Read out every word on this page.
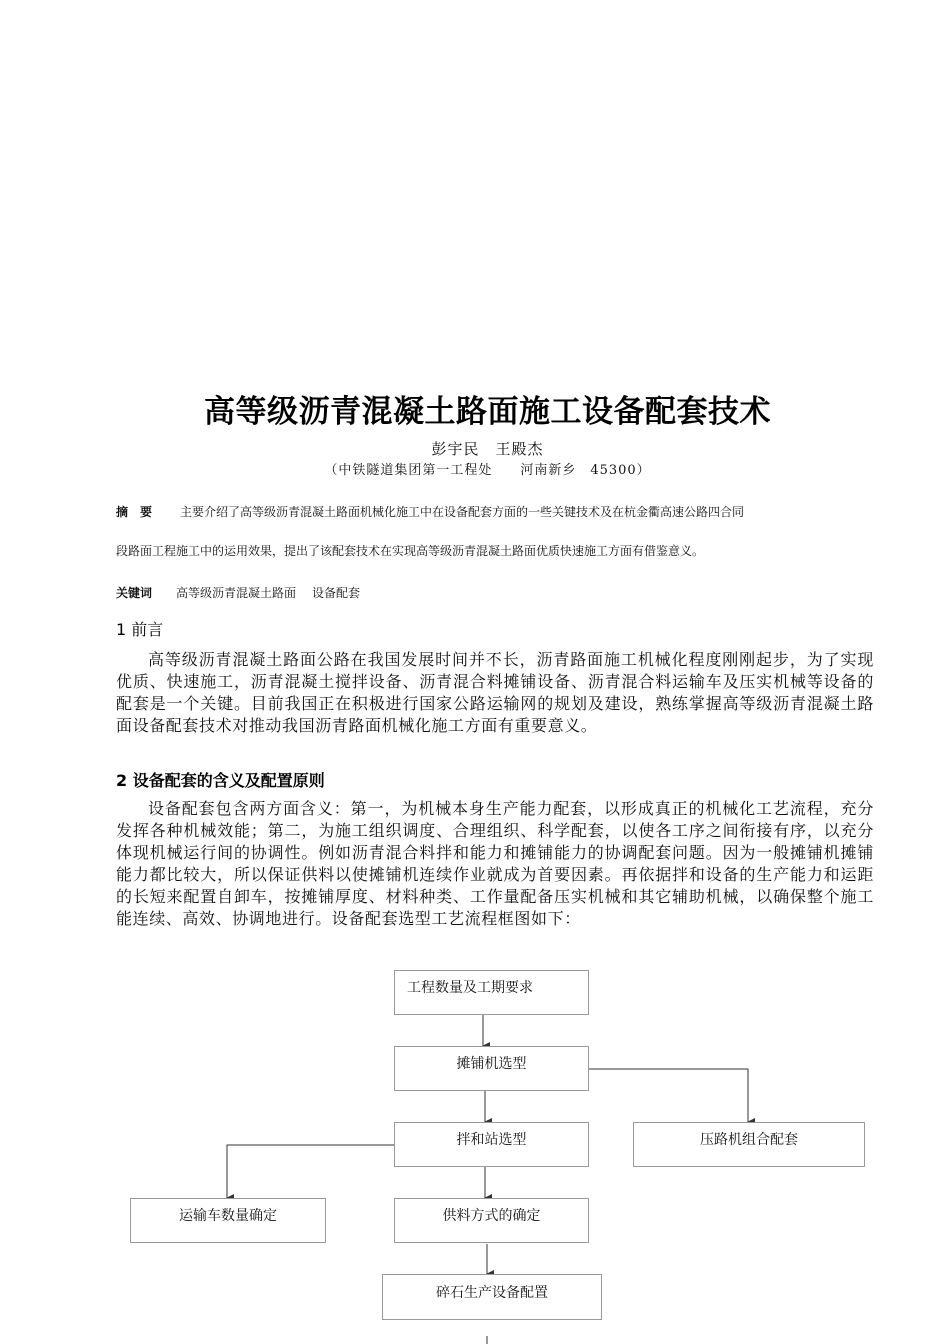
高等级沥青混凝土路面施工设备配套技术
彭宇民　王殿杰
（中铁隧道集团第一工程处　　河南新乡　45300）
摘要 主要介绍了高等级沥青混凝土路面机械化施工中在设备配套方面的一些关键技术及在杭金衢高速公路四合同
段路面工程施工中的运用效果，提出了该配套技术在实现高等级沥青混凝土路面优质快速施工方面有借鉴意义。
关键词 高等级沥青混凝土路面 设备配套
1 前言
高等级沥青混凝土路面公路在我国发展时间并不长，沥青路面施工机械化程度刚刚起步，为了实现优质、快速施工，沥青混凝土搅拌设备、沥青混合料摊铺设备、沥青混合料运输车及压实机械等设备的配套是一个关键。目前我国正在积极进行国家公路运输网的规划及建设，熟练掌握高等级沥青混凝土路面设备配套技术对推动我国沥青路面机械化施工方面有重要意义。
2 设备配套的含义及配置原则
设备配套包含两方面含义：第一，为机械本身生产能力配套，以形成真正的机械化工艺流程，充分发挥各种机械效能；第二，为施工组织调度、合理组织、科学配套，以使各工序之间衔接有序，以充分体现机械运行间的协调性。例如沥青混合料拌和能力和摊铺能力的协调配套问题。因为一般摊铺机摊铺能力都比较大，所以保证供料以使摊铺机连续作业就成为首要因素。再依据拌和设备的生产能力和运距的长短来配置自卸车，按摊铺厚度、材料种类、工作量配备压实机械和其它辅助机械，以确保整个施工能连续、高效、协调地进行。设备配套选型工艺流程框图如下：
工程数量及工期要求
摊铺机选型
拌和站选型	压路机组合配套
运输车数量确定	供料方式的确定
碎石生产设备配置
